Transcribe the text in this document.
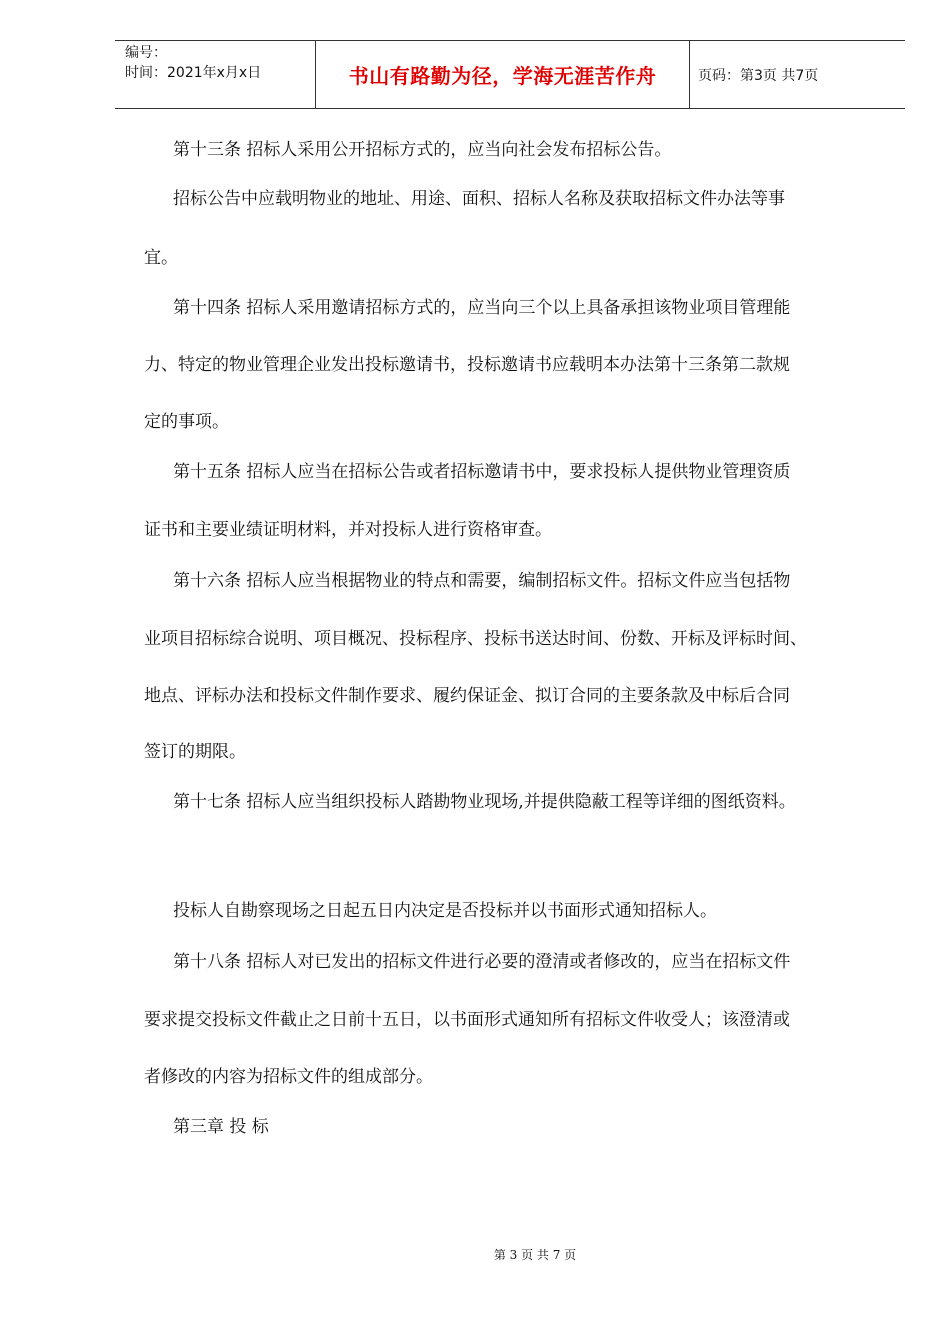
编号：
时间：2021年x月x日	书山有路勤为径，学海无涯苦作舟	页码：第3页 共7页
第十三条 招标人采用公开招标方式的，应当向社会发布招标公告。
招标公告中应载明物业的地址、用途、面积、招标人名称及获取招标文件办法等事
宜。
第十四条 招标人采用邀请招标方式的，应当向三个以上具备承担该物业项目管理能
力、特定的物业管理企业发出投标邀请书，投标邀请书应载明本办法第十三条第二款规
定的事项。
第十五条 招标人应当在招标公告或者招标邀请书中，要求投标人提供物业管理资质
证书和主要业绩证明材料，并对投标人进行资格审查。
第十六条 招标人应当根据物业的特点和需要，编制招标文件。招标文件应当包括物
业项目招标综合说明、项目概况、投标程序、投标书送达时间、份数、开标及评标时间、
地点、评标办法和投标文件制作要求、履约保证金、拟订合同的主要条款及中标后合同
签订的期限。
第十七条 招标人应当组织投标人踏勘物业现场,并提供隐蔽工程等详细的图纸资料。
投标人自勘察现场之日起五日内决定是否投标并以书面形式通知招标人。
第十八条 招标人对已发出的招标文件进行必要的澄清或者修改的，应当在招标文件
要求提交投标文件截止之日前十五日，以书面形式通知所有招标文件收受人；该澄清或
者修改的内容为招标文件的组成部分。
第三章 投 标
第 3 页 共 7 页
